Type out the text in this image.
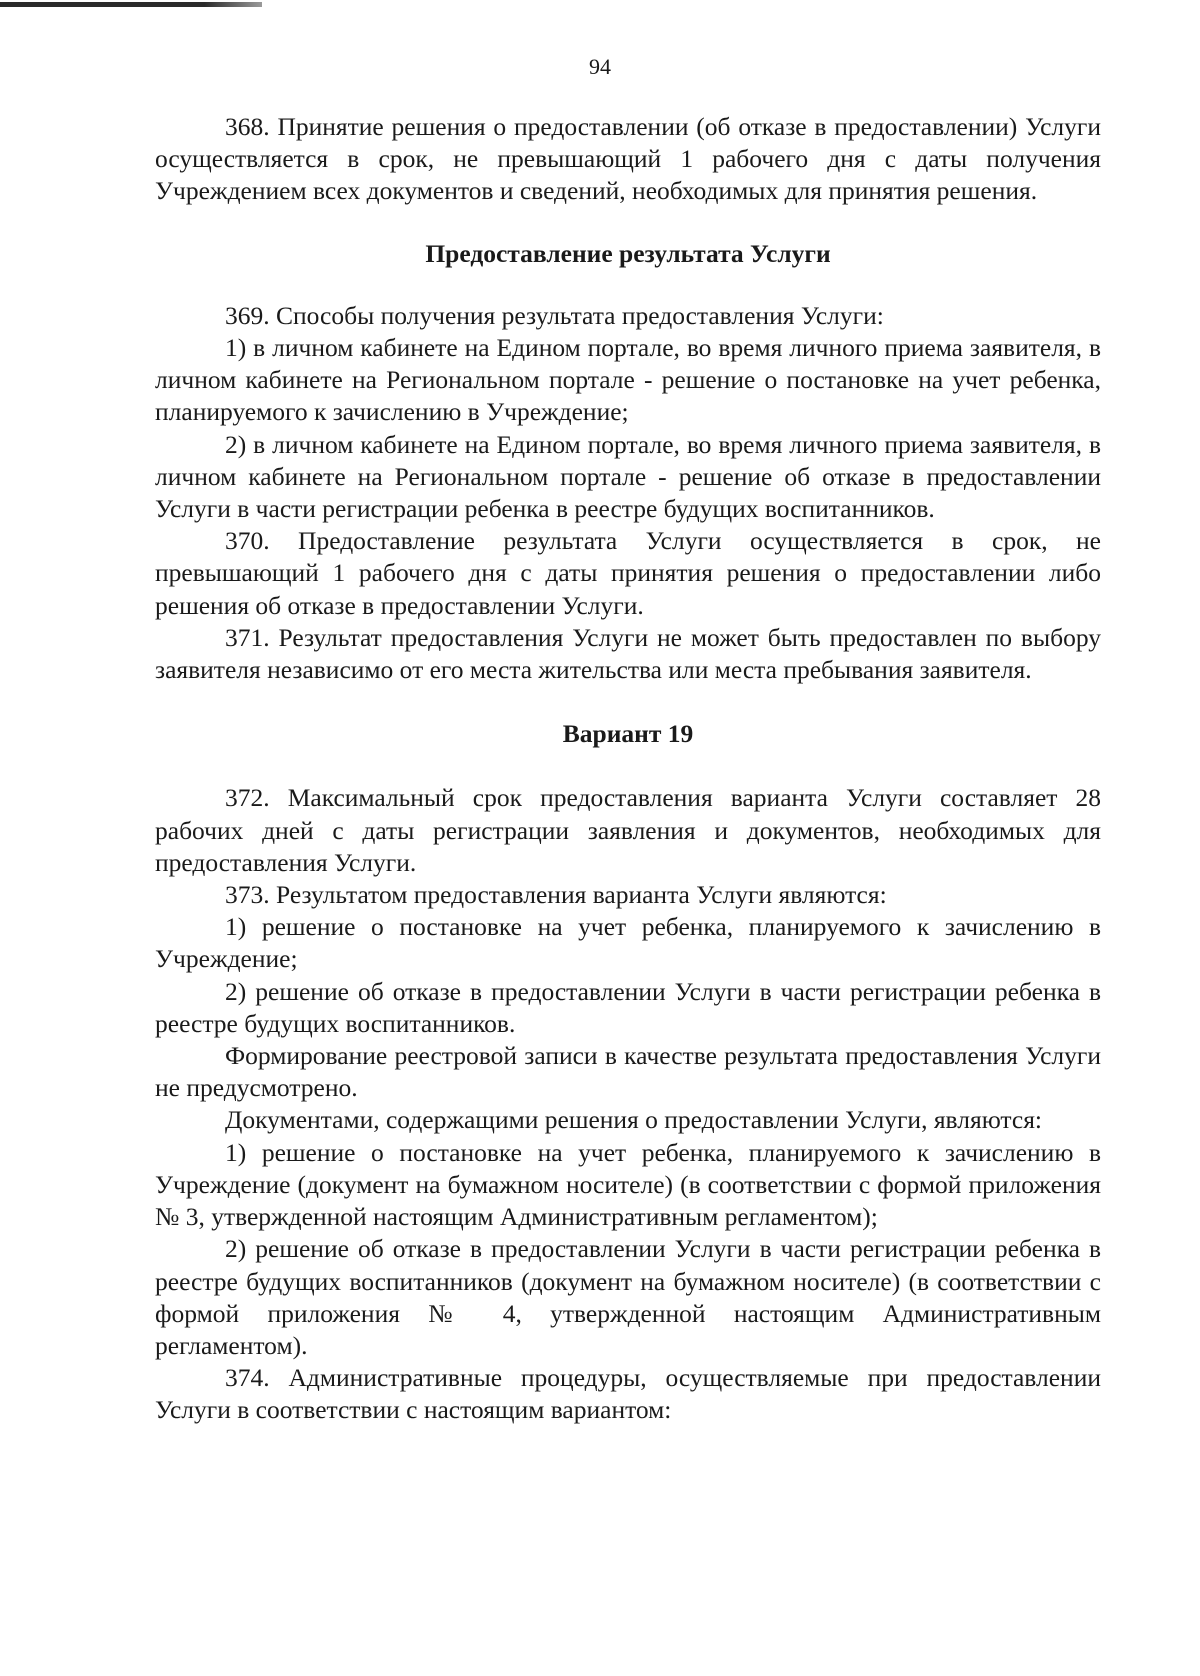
94

368. Принятие решения о предоставлении (об отказе в предоставлении) Услуги осуществляется в срок, не превышающий 1 рабочего дня с даты получения Учреждением всех документов и сведений, необходимых для принятия решения.

Предоставление результата Услуги

369. Способы получения результата предоставления Услуги:

1) в личном кабинете на Едином портале, во время личного приема заявителя, в личном кабинете на Региональном портале - решение о постановке на учет ребенка, планируемого к зачислению в Учреждение;

2) в личном кабинете на Едином портале, во время личного приема заявителя, в личном кабинете на Региональном портале - решение об отказе в предоставлении Услуги в части регистрации ребенка в реестре будущих воспитанников.

370. Предоставление результата Услуги осуществляется в срок, не превышающий 1 рабочего дня с даты принятия решения о предоставлении либо решения об отказе в предоставлении Услуги.

371. Результат предоставления Услуги не может быть предоставлен по выбору заявителя независимо от его места жительства или места пребывания заявителя.

Вариант 19

372. Максимальный срок предоставления варианта Услуги составляет 28 рабочих дней с даты регистрации заявления и документов, необходимых для предоставления Услуги.

373. Результатом предоставления варианта Услуги являются:

1) решение о постановке на учет ребенка, планируемого к зачислению в Учреждение;

2) решение об отказе в предоставлении Услуги в части регистрации ребенка в реестре будущих воспитанников.

Формирование реестровой записи в качестве результата предоставления Услуги не предусмотрено.

Документами, содержащими решения о предоставлении Услуги, являются:

1) решение о постановке на учет ребенка, планируемого к зачислению в Учреждение (документ на бумажном носителе) (в соответствии с формой приложения № 3, утвержденной настоящим Административным регламентом);

2) решение об отказе в предоставлении Услуги в части регистрации ребенка в реестре будущих воспитанников (документ на бумажном носителе) (в соответствии с формой приложения № 4, утвержденной настоящим Административным регламентом).

374. Административные процедуры, осуществляемые при предоставлении Услуги в соответствии с настоящим вариантом:
